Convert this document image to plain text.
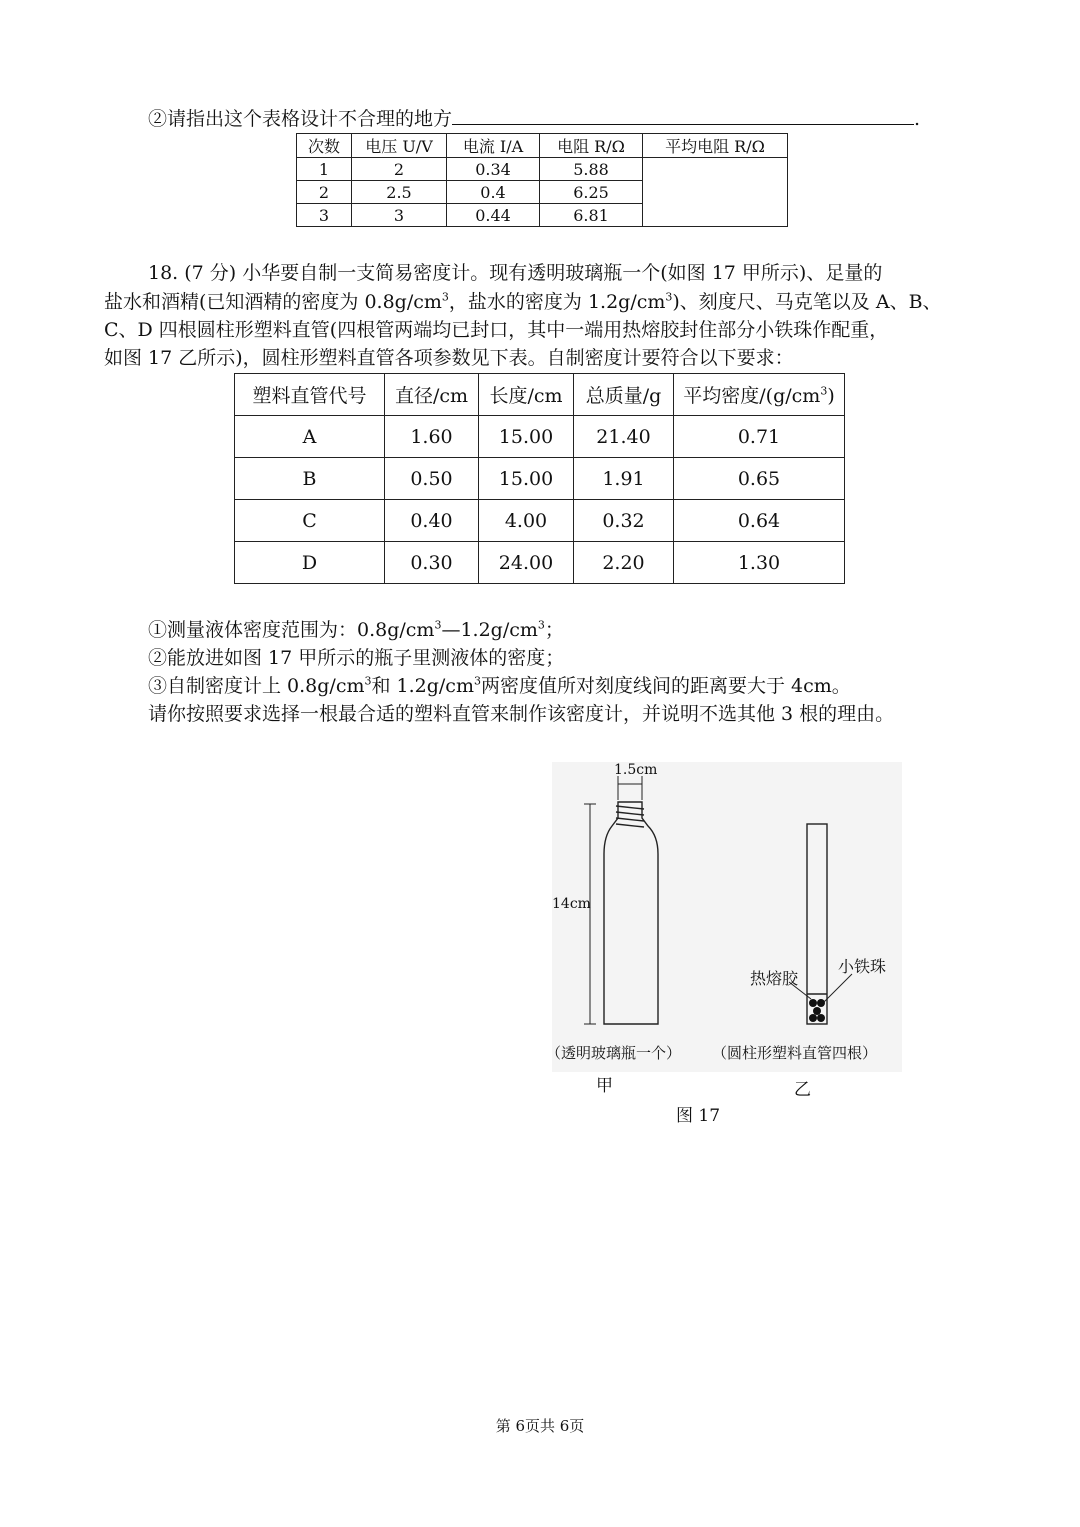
②请指出这个表格设计不合理的地方	.
次数	电压 U/V	电流 I/A	电阻 R/Ω	平均电阻 R/Ω
1	2	0.34	5.88	
2	2.5	0.4	6.25	
3	3	0.44	6.81	
18. (7 分) 小华要自制一支简易密度计。现有透明玻璃瓶一个(如图 17 甲所示)、足量的
盐水和酒精(已知酒精的密度为 $0.8g/cm^3$，盐水的密度为 $1.2g/cm^3$)、刻度尺、马克笔以及 A、B、
C、D 四根圆柱形塑料直管(四根管两端均已封口，其中一端用热熔胶封住部分小铁珠作配重，
如图 17 乙所示)，圆柱形塑料直管各项参数见下表。自制密度计要符合以下要求：
塑料直管代号	直径/cm	长度/cm	总质量/g	平均密度$/(g/cm^3)$
A	1.60	15.00	21.40	0.71
B	0.50	15.00	1.91	0.65
C	0.40	4.00	0.32	0.64
D	0.30	24.00	2.20	1.30
①测量液体密度范围为：$0.8g/cm^3—1.2g/cm^3$；
②能放进如图 17 甲所示的瓶子里测液体的密度；
③自制密度计上 $0.8g/cm^3$和 $1.2g/cm^3$两密度值所对刻度线间的距离要大于 4cm。
请你按照要求选择一根最合适的塑料直管来制作该密度计，并说明不选其他 3 根的理由。
1.5cm
14cm
热熔胶
小铁珠
（透明玻璃瓶一个） （圆柱形塑料直管四根）
甲	乙
图 17
第 6页共 6页
